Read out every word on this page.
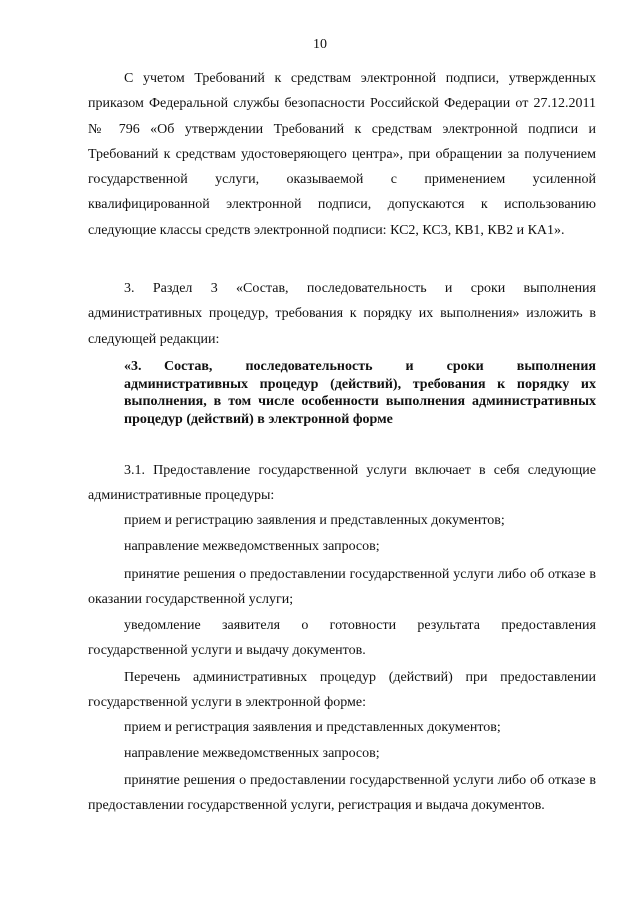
10
С учетом Требований к средствам электронной подписи, утвержденных приказом Федеральной службы безопасности Российской Федерации от 27.12.2011 № 796 «Об утверждении Требований к средствам электронной подписи и Требований к средствам удостоверяющего центра», при обращении за получением государственной услуги, оказываемой с применением усиленной квалифицированной электронной подписи, допускаются к использованию следующие классы средств электронной подписи: КС2, КС3, КВ1, КВ2 и КА1».
3. Раздел 3 «Состав, последовательность и сроки выполнения административных процедур, требования к порядку их выполнения» изложить в следующей редакции:
«3. Состав, последовательность и сроки выполнения административных процедур (действий), требования к порядку их выполнения, в том числе особенности выполнения административных процедур (действий) в электронной форме
3.1. Предоставление государственной услуги включает в себя следующие административные процедуры:
прием и регистрацию заявления и представленных документов;
направление межведомственных запросов;
принятие решения о предоставлении государственной услуги либо об отказе в оказании государственной услуги;
уведомление заявителя о готовности результата предоставления государственной услуги и выдачу документов.
Перечень административных процедур (действий) при предоставлении государственной услуги в электронной форме:
прием и регистрация заявления и представленных документов;
направление межведомственных запросов;
принятие решения о предоставлении государственной услуги либо об отказе в предоставлении государственной услуги, регистрация и выдача документов.
